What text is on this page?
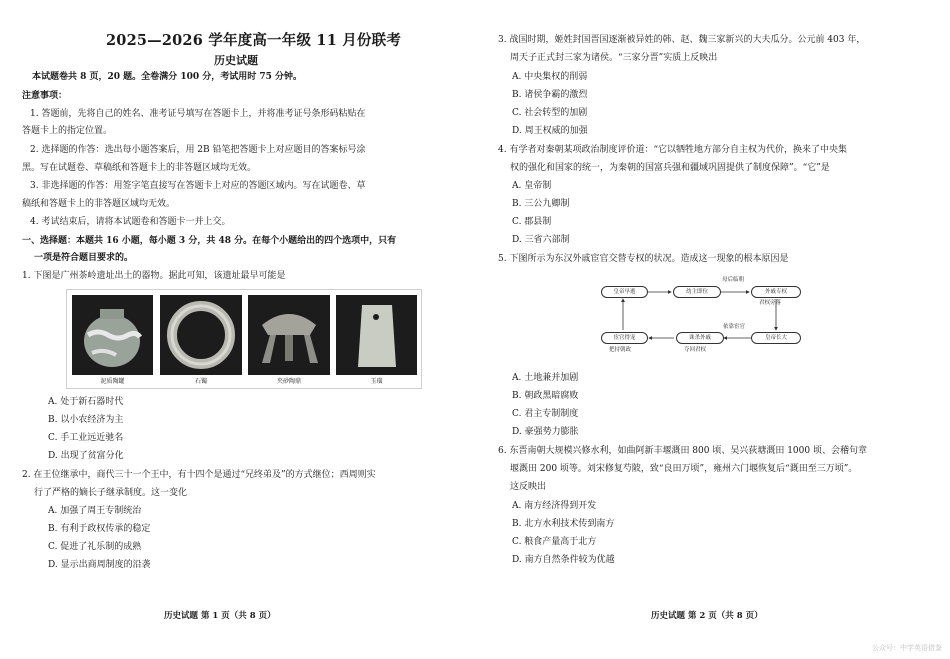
2025—2026 学年度高一年级 11 月份联考
历史试题
本试题卷共 8 页，20 题。全卷满分 100 分，考试用时 75 分钟。
注意事项：
1. 答题前，先将自己的姓名、准考证号填写在答题卡上，并将准考证号条形码粘贴在
答题卡上的指定位置。
2. 选择题的作答：选出每小题答案后，用 2B 铅笔把答题卡上对应题目的答案标号涂
黑。写在试题卷、草稿纸和答题卡上的非答题区域均无效。
3. 非选择题的作答：用签字笔直接写在答题卡上对应的答题区域内。写在试题卷、草
稿纸和答题卡上的非答题区域均无效。
4. 考试结束后，请将本试题卷和答题卡一并上交。
一、选择题：本题共 16 小题，每小题 3 分，共 48 分。在每个小题给出的四个选项中，只有
一项是符合题目要求的。
1. 下图是广州茶岭遗址出土的器物。据此可知，该遗址最早可能是
泥质陶罐	石镯	夹砂陶鼎	玉璜
A. 处于新石器时代
B. 以小农经济为主
C. 手工业远近驰名
D. 出现了贫富分化
2. 在王位继承中，商代三十一个王中，有十四个是通过“兄终弟及”的方式继位；西周则实
行了严格的嫡长子继承制度。这一变化
A. 加强了周王专制统治
B. 有利于政权传承的稳定
C. 促进了礼乐制的成熟
D. 显示出商周制度的沿袭
历史试题 第 1 页（共 8 页）
3. 战国时期，姬姓封国晋国逐渐被异姓的韩、赵、魏三家新兴的大夫瓜分。公元前 403 年，
周天子正式封三家为诸侯。“三家分晋”实质上反映出
A. 中央集权的削弱
B. 诸侯争霸的激烈
C. 社会转型的加剧
D. 周王权威的加强
4. 有学者对秦朝某项政治制度评价道：“它以牺牲地方部分自主权为代价，换来了中央集
权的强化和国家的统一，为秦朝的国富兵强和疆域巩固提供了制度保障”。“它”是
A. 皇帝制
B. 三公九卿制
C. 郡县制
D. 三省六部制
5. 下图所示为东汉外戚宦官交替专权的状况。造成这一现象的根本原因是
皇帝早逝	幼主即位	外戚专权
皇帝长大
诛杀外戚
宦官得宠
母后临朝
君权旁落
依靠宦官
把持朝政	夺回君权
A. 土地兼并加剧
B. 朝政黑暗腐败
C. 君主专制制度
D. 豪强势力膨胀
6. 东晋南朝大规模兴修水利，如曲阿新丰堰溉田 800 顷、吴兴荻塘溉田 1000 顷、会稽句章
堰溉田 200 顷等。刘宋修复芍陂，致“良田万顷”，雍州六门堰恢复后“溉田至三万顷”。
这反映出
A. 南方经济得到开发
B. 北方水利技术传到南方
C. 粮食产量高于北方
D. 南方自然条件较为优越
历史试题 第 2 页（共 8 页）
公众号：中学英语借鉴
